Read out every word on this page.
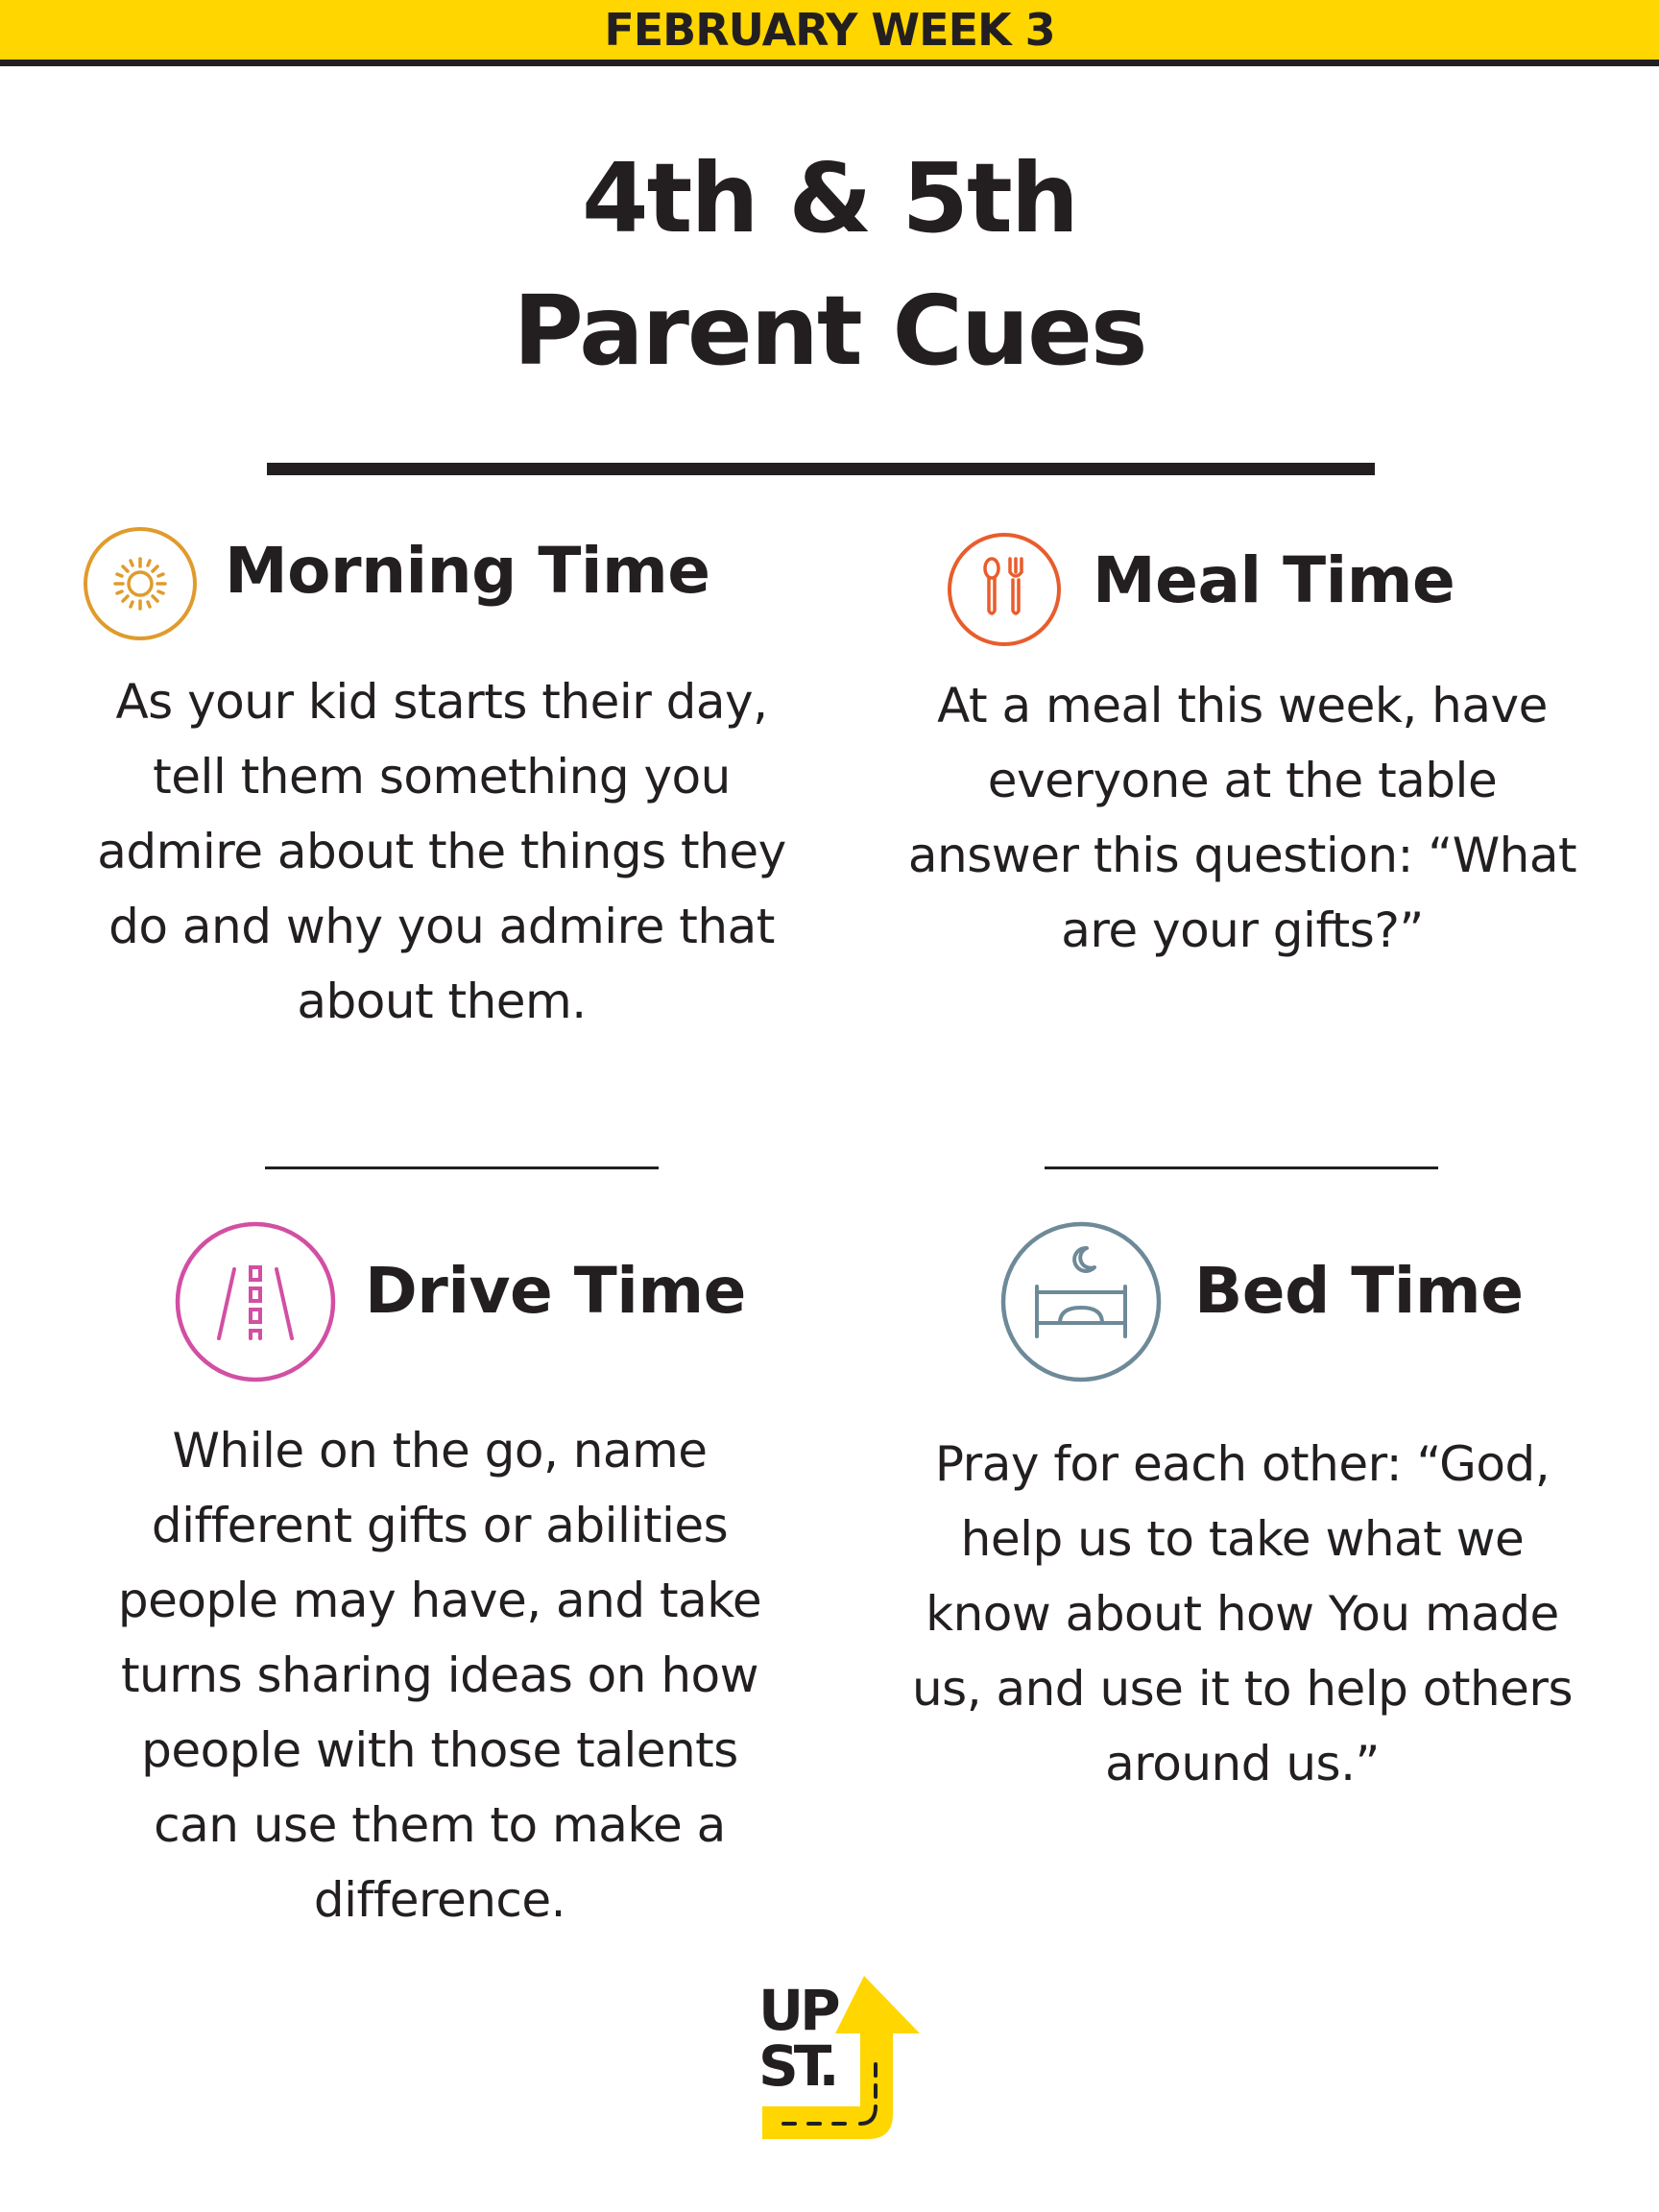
FEBRUARY WEEK 3
4th & 5th
Parent Cues
Morning Time
As your kid starts their day,
tell them something you
admire about the things they
do and why you admire that
about them.
Meal Time
At a meal this week, have
everyone at the table
answer this question: “What
are your gifts?”
Drive Time
While on the go, name
different gifts or abilities
people may have, and take
turns sharing ideas on how
people with those talents
can use them to make a
difference.
Bed Time
Pray for each other: “God,
help us to take what we
know about how You made
us, and use it to help others
around us.”
UP
ST.
